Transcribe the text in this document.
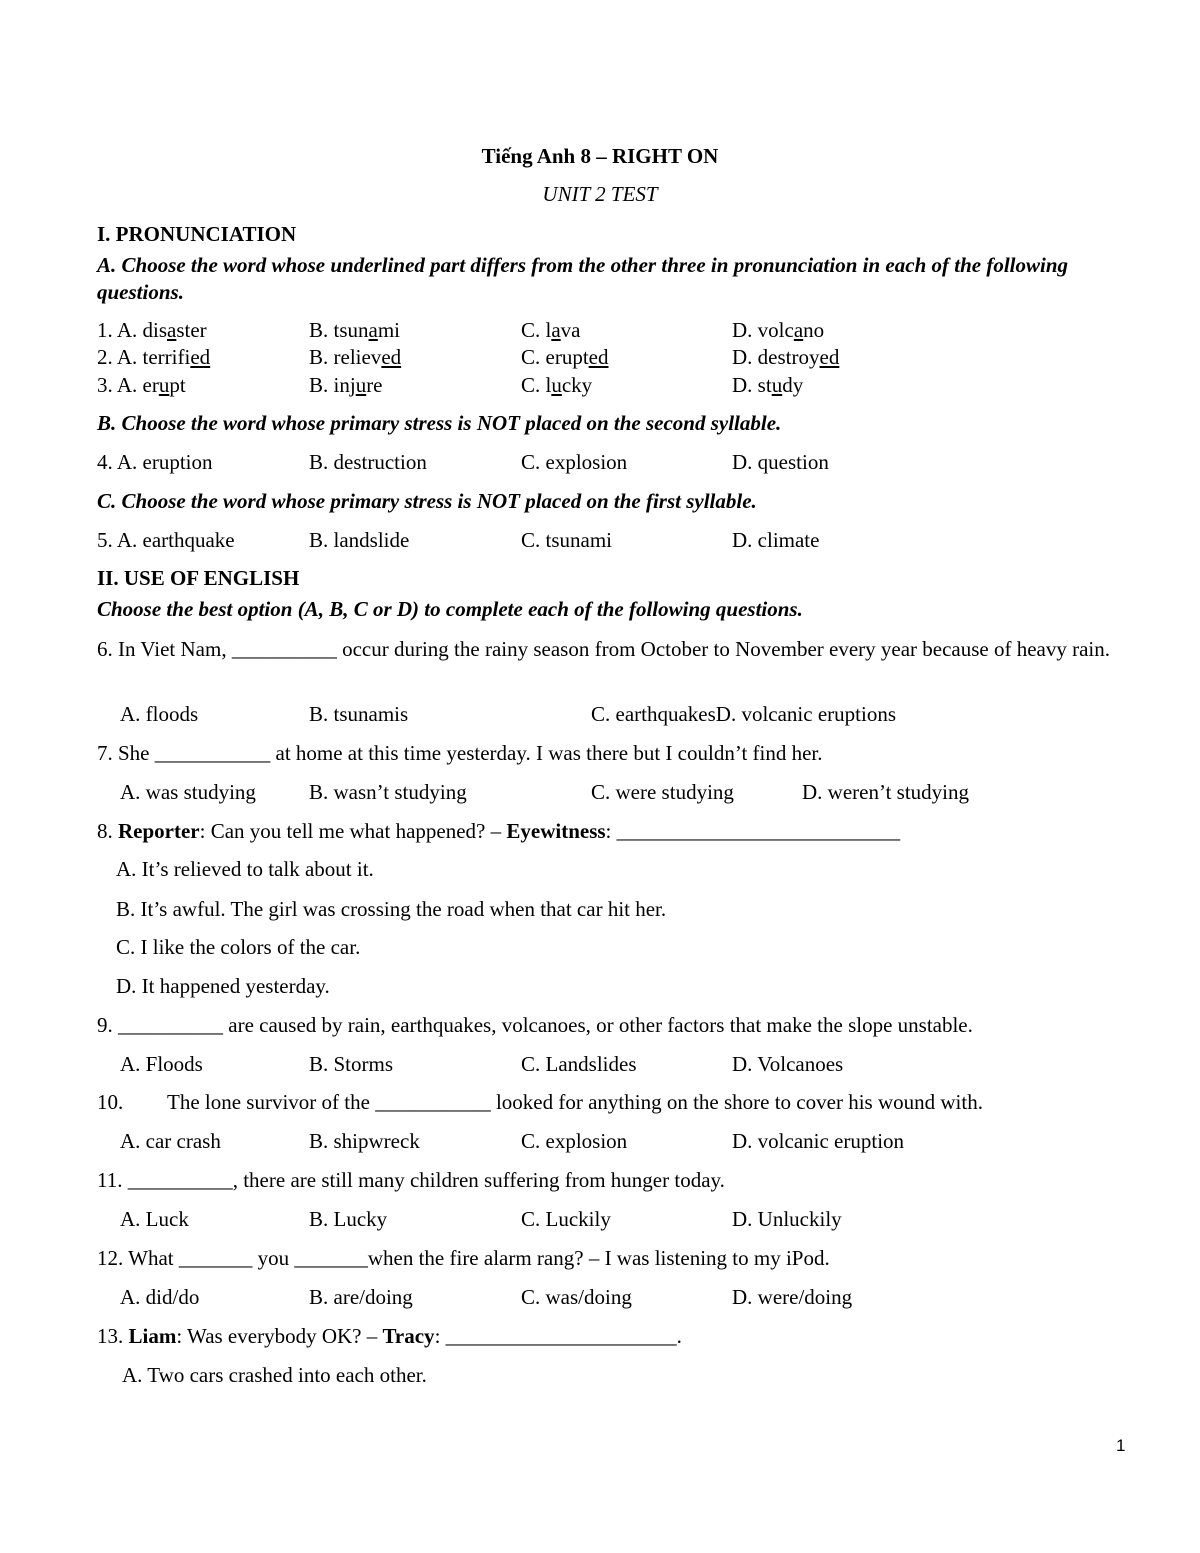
Tiếng Anh 8 – RIGHT ON
UNIT 2 TEST
I. PRONUNCIATION
A. Choose the word whose underlined part differs from the other three in pronunciation in each of the following questions.
1. A. disaster	B. tsunami	C. lava	D. volcano
2. A. terrified	B. relieved	C. erupted	D. destroyed
3. A. erupt	B. injure	C. lucky	D. study
B. Choose the word whose primary stress is NOT placed on the second syllable.
4. A. eruption	B. destruction	C. explosion	D. question
C. Choose the word whose primary stress is NOT placed on the first syllable.
5. A. earthquake	B. landslide	C. tsunami	D. climate
II. USE OF ENGLISH
Choose the best option (A, B, C or D) to complete each of the following questions.
6. In Viet Nam, __________ occur during the rainy season from October to November every year because of heavy rain.
A. floods	B. tsunamis	C. earthquakesD. volcanic eruptions
7. She ___________ at home at this time yesterday. I was there but I couldn’t find her.
A. was studying	B. wasn’t studying	C. were studying	D. weren’t studying
8. Reporter: Can you tell me what happened? – Eyewitness: ___________________________
A. It’s relieved to talk about it.
B. It’s awful. The girl was crossing the road when that car hit her.
C. I like the colors of the car.
D. It happened yesterday.
9. __________ are caused by rain, earthquakes, volcanoes, or other factors that make the slope unstable.
A. Floods	B. Storms	C. Landslides	D. Volcanoes
10. The lone survivor of the ___________ looked for anything on the shore to cover his wound with.
A. car crash	B. shipwreck	C. explosion	D. volcanic eruption
11. __________, there are still many children suffering from hunger today.
A. Luck	B. Lucky	C. Luckily	D. Unluckily
12. What _______ you _______when the fire alarm rang? – I was listening to my iPod.
A. did/do	B. are/doing	C. was/doing	D. were/doing
13. Liam: Was everybody OK? – Tracy: ______________________.
A. Two cars crashed into each other.
1
